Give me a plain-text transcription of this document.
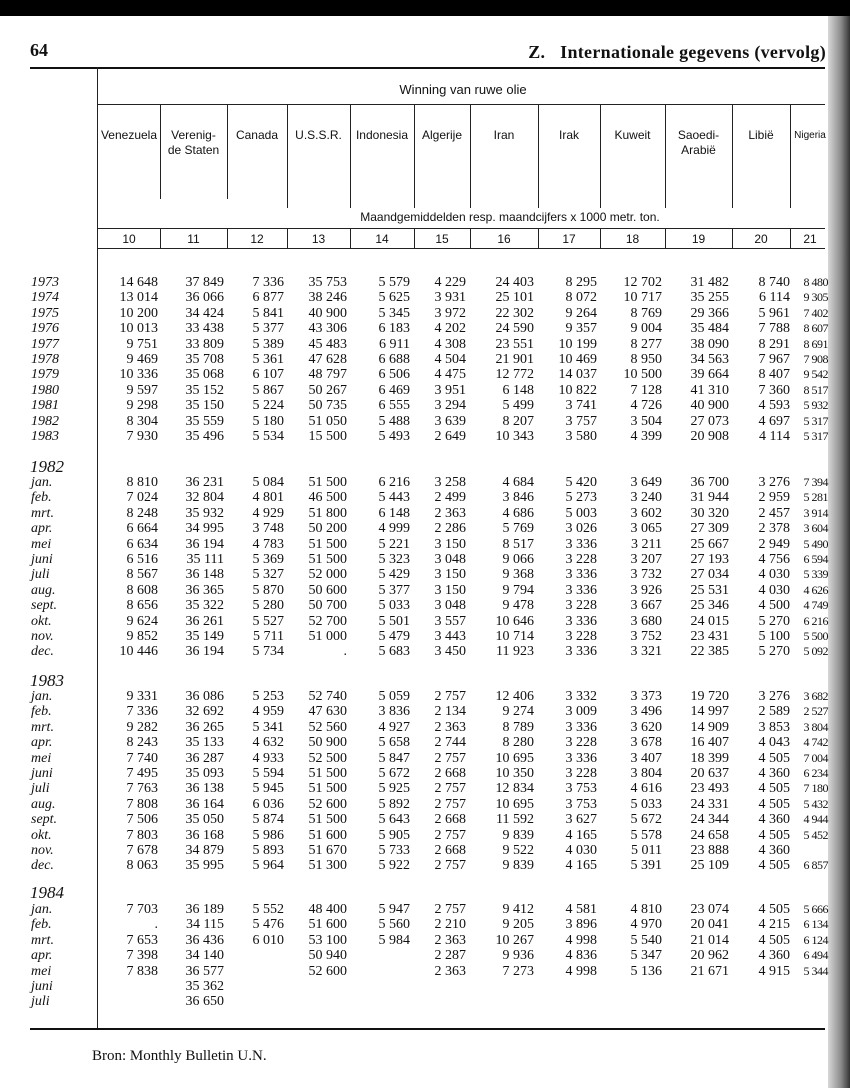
64	Z. Internationale gegevens (vervolg)
Winning van ruwe olie
Maandgemiddelden resp. maandcijfers x 1000 metr. ton.
Venezuela
10
Verenig-
de Staten
11
Canada
12
U.S.S.R.
13
Indonesia
14
Algerije
15
Iran
16
Irak
17
Kuweit
18
Saoedi-
Arabië
19
Libië
20
Nigeria
21
1973
1974
1975
1976
1977
1978
1979
1980
1981
1982
1983
14 648
13 014
10 200
10 013
9 751
9 469
10 336
9 597
9 298
8 304
7 930
37 849
36 066
34 424
33 438
33 809
35 708
35 068
35 152
35 150
35 559
35 496
7 336
6 877
5 841
5 377
5 389
5 361
6 107
5 867
5 224
5 180
5 534
35 753
38 246
40 900
43 306
45 483
47 628
48 797
50 267
50 735
51 050
15 500
5 579
5 625
5 345
6 183
6 911
6 688
6 506
6 469
6 555
5 488
5 493
4 229
3 931
3 972
4 202
4 308
4 504
4 475
3 951
3 294
3 639
2 649
24 403
25 101
22 302
24 590
23 551
21 901
12 772
6 148
5 499
8 207
10 343
8 295
8 072
9 264
9 357
10 199
10 469
14 037
10 822
3 741
3 757
3 580
12 702
10 717
8 769
9 004
8 277
8 950
10 500
7 128
4 726
3 504
4 399
31 482
35 255
29 366
35 484
38 090
34 563
39 664
41 310
40 900
27 073
20 908
8 740
6 114
5 961
7 788
8 291
7 967
8 407
7 360
4 593
4 697
4 114
8 480
9 305
7 402
8 607
8 691
7 908
9 542
8 517
5 932
5 317
5 317
1982
jan.
feb.
mrt.
apr.
mei
juni
juli
aug.
sept.
okt.
nov.
dec.
8 810
7 024
8 248
6 664
6 634
6 516
8 567
8 608
8 656
9 624
9 852
10 446
36 231
32 804
35 932
34 995
36 194
35 111
36 148
36 365
35 322
36 261
35 149
36 194
5 084
4 801
4 929
3 748
4 783
5 369
5 327
5 870
5 280
5 527
5 711
5 734
51 500
46 500
51 800
50 200
51 500
51 500
52 000
50 600
50 700
52 700
51 000
.
6 216
5 443
6 148
4 999
5 221
5 323
5 429
5 377
5 033
5 501
5 479
5 683
3 258
2 499
2 363
2 286
3 150
3 048
3 150
3 150
3 048
3 557
3 443
3 450
4 684
3 846
4 686
5 769
8 517
9 066
9 368
9 794
9 478
10 646
10 714
11 923
5 420
5 273
5 003
3 026
3 336
3 228
3 336
3 336
3 228
3 336
3 228
3 336
3 649
3 240
3 602
3 065
3 211
3 207
3 732
3 926
3 667
3 680
3 752
3 321
36 700
31 944
30 320
27 309
25 667
27 193
27 034
25 531
25 346
24 015
23 431
22 385
3 276
2 959
2 457
2 378
2 949
4 756
4 030
4 030
4 500
5 270
5 100
5 270
7 394
5 281
3 914
3 604
5 490
6 594
5 339
4 626
4 749
6 216
5 500
5 092
1983
jan.
feb.
mrt.
apr.
mei
juni
juli
aug.
sept.
okt.
nov.
dec.
9 331
7 336
9 282
8 243
7 740
7 495
7 763
7 808
7 506
7 803
7 678
8 063
36 086
32 692
36 265
35 133
36 287
35 093
36 138
36 164
35 050
36 168
34 879
35 995
5 253
4 959
5 341
4 632
4 933
5 594
5 945
6 036
5 874
5 986
5 893
5 964
52 740
47 630
52 560
50 900
52 500
51 500
51 500
52 600
51 500
51 600
51 670
51 300
5 059
3 836
4 927
5 658
5 847
5 672
5 925
5 892
5 643
5 905
5 733
5 922
2 757
2 134
2 363
2 744
2 757
2 668
2 757
2 757
2 668
2 757
2 668
2 757
12 406
9 274
8 789
8 280
10 695
10 350
12 834
10 695
11 592
9 839
9 522
9 839
3 332
3 009
3 336
3 228
3 336
3 228
3 753
3 753
3 627
4 165
4 030
4 165
3 373
3 496
3 620
3 678
3 407
3 804
4 616
5 033
5 672
5 578
5 011
5 391
19 720
14 997
14 909
16 407
18 399
20 637
23 493
24 331
24 344
24 658
23 888
25 109
3 276
2 589
3 853
4 043
4 505
4 360
4 505
4 505
4 360
4 505
4 360
4 505
3 682
2 527
3 804
4 742
7 004
6 234
7 180
5 432
4 944
5 452
6 857
1984
jan.
feb.
mrt.
apr.
mei
juni
juli
7 703
.
7 653
7 398
7 838
36 189
34 115
36 436
34 140
36 577
35 362
36 650
5 552
5 476
6 010
48 400
51 600
53 100
50 940
52 600
5 947
5 560
5 984
2 757
2 210
2 363
2 287
2 363
9 412
9 205
10 267
9 936
7 273
4 581
3 896
4 998
4 836
4 998
4 810
4 970
5 540
5 347
5 136
23 074
20 041
21 014
20 962
21 671
4 505
4 215
4 505
4 360
4 915
5 666
6 134
6 124
6 494
5 344
Bron: Monthly Bulletin U.N.
